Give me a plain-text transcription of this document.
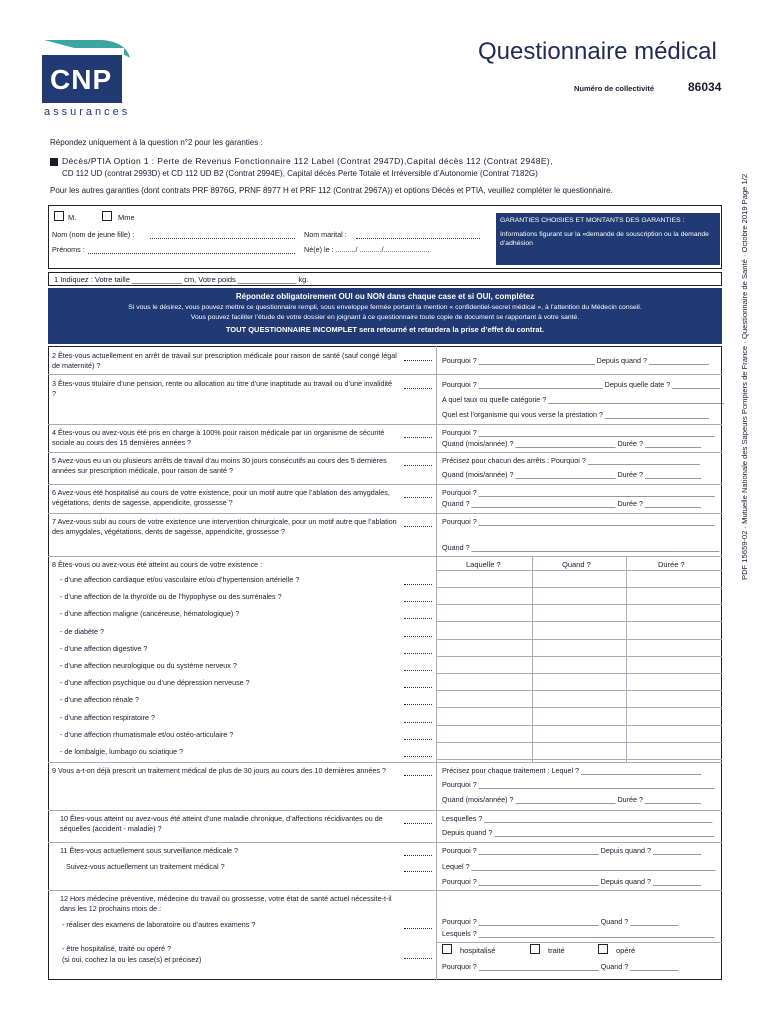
CNP
assurances
Questionnaire médical
Numéro de collectivité	86034
PDF 15659-02 · Mutuelle Nationale des Sapeurs Pompiers de France · Questionnaire de Santé · Octobre 2019 Page 1/2
Répondez uniquement à la question n°2 pour les garanties :
Décès/PTIA Option 1 : Perte de Revenus Fonctionnaire 112 Label (Contrat 2947D),Capital décès 112 (Contrat 2948E),
CD 112 UD (contrat 2993D) et CD 112 UD B2 (Contrat 2994E), Capital décès Perte Totale et Irréversible d’Autonomie (Contrat 7182G)
Pour les autres garanties (dont contrats PRF 8976G, PRNF 8977 H et PRF 112 (Contrat 2967A)) et options Décès et PTIA, veuillez compléter le questionnaire.
M.	Mme
Nom (nom de jeune fille) :
Prénoms :
Nom marital :
Né(e) le : ........../ .........../.......................
GARANTIES CHOISIES ET MONTANTS DES GARANTIES :
Informations figurant sur la «demande de souscription ou la demande d’adhésion
1 Indiquez : Votre taille ____________ cm, Votre poids ______________ kg.
Répondez obligatoirement OUI ou NON dans chaque case et si OUI, complétez
Si vous le désirez, vous pouvez mettre ce questionnaire rempli, sous enveloppe fermée portant la mention « confidentiel-secret médical », à l’attention du Médecin conseil.
Vous pouvez faciliter l’étude de votre dossier en joignant à ce questionnaire toute copie de document se rapportant à votre santé.
TOUT QUESTIONNAIRE INCOMPLET sera retourné et retardera la prise d’effet du contrat.
2 Êtes-vous actuellement en arrêt de travail sur prescription médicale pour raison de santé (sauf congé légal de maternité) ?
Pourquoi ? _____________________________ Depuis quand ? _______________
3 Êtes-vous titulaire d’une pension, rente ou allocation au titre d’une inaptitude au travail ou d’une invalidité ?
Pourquoi ? _______________________________ Depuis quelle date ? ____________
A quel taux ou quelle catégorie ? ____________________________________________
Quel est l’organisme qui vous verse la prestation ? __________________________
4 Êtes-vous ou avez-vous été pris en charge à 100% pour raison médicale par un organisme de sécurité sociale au cours des 15 dernières années ?
Pourquoi ? ___________________________________________________________
Quand (mois/année) ? _________________________ Durée ? ______________
5 Avez-vous eu un ou plusieurs arrêts de travail d’au moins 30 jours consécutifs au cours des 5 dernières années sur prescription médicale, pour raison de santé ?
Précisez pour chacun des arrêts : Pourquoi ? ____________________________
Quand (mois/année) ? _________________________ Durée ? ______________
6 Avez-vous été hospitalisé au cours de votre existence, pour un motif autre que l’ablation des amygdales, végétations, dents de sagesse, appendicite, grossesse ?
Pourquoi ? ___________________________________________________________
Quand ? ____________________________________ Durée ? ______________
7 Avez-vous subi au cours de votre existence une intervention chirurgicale, pour un motif autre que l’ablation des amygdales, végétations, dents de sagesse, appendicite, grossesse ?
Pourquoi ? ___________________________________________________________
Quand ? ______________________________________________________________
8 Êtes-vous ou avez-vous été atteint au cours de votre existence :	Laquelle ?	Quand ?	Durée ?
- d’une affection cardiaque et/ou vasculaire et/ou d’hypertension artérielle ?
- d’une affection de la thyroïde ou de l’hypophyse ou des surrénales ?
- d’une affection maligne (cancéreuse, hématologique) ?
- de diabète ?
- d’une affection digestive ?
- d’une affection neurologique ou du système nerveux ?
- d’une affection psychique ou d’une dépression nerveuse ?
- d’une affection rénale ?
- d’une affection respiratoire ?
- d’une affection rhumatismale et/ou ostéo-articulaire ?
- de lombalgie, lumbago ou sciatique ?
9 Vous a-t-on déjà prescrit un traitement médical de plus de 30 jours au cours des 10 dernières années ?	Précisez pour chaque traitement : Lequel ? ______________________________
Pourquoi ? ___________________________________________________________
Quand (mois/année) ? _________________________ Durée ? ______________
10 Êtes-vous atteint ou avez-vous été atteint d’une maladie chronique, d’affections récidivantes ou de séquelles (accident - maladie) ?
Lesquelles ? _________________________________________________________
Depuis quand ? _______________________________________________________
11 Êtes-vous actuellement sous surveillance médicale ?
Suivez-vous actuellement un traitement médical ?
Pourquoi ? ______________________________ Depuis quand ? ____________
Lequel ? _____________________________________________________________
Pourquoi ? ______________________________ Depuis quand ? ____________
12 Hors médecine préventive, médecine du travail ou grossesse, votre état de santé actuel nécessite-t-il dans les 12 prochains mois de :
- réaliser des examens de laboratoire ou d’autres examens ?	Pourquoi ? ______________________________ Quand ? ____________
Lesquels ? ___________________________________________________________
- être hospitalisé, traité ou opéré ?
(si oui, cochez la ou les case(s) et précisez)
hospitalisé	traité	opéré
Pourquoi ? ______________________________ Quand ? ____________
